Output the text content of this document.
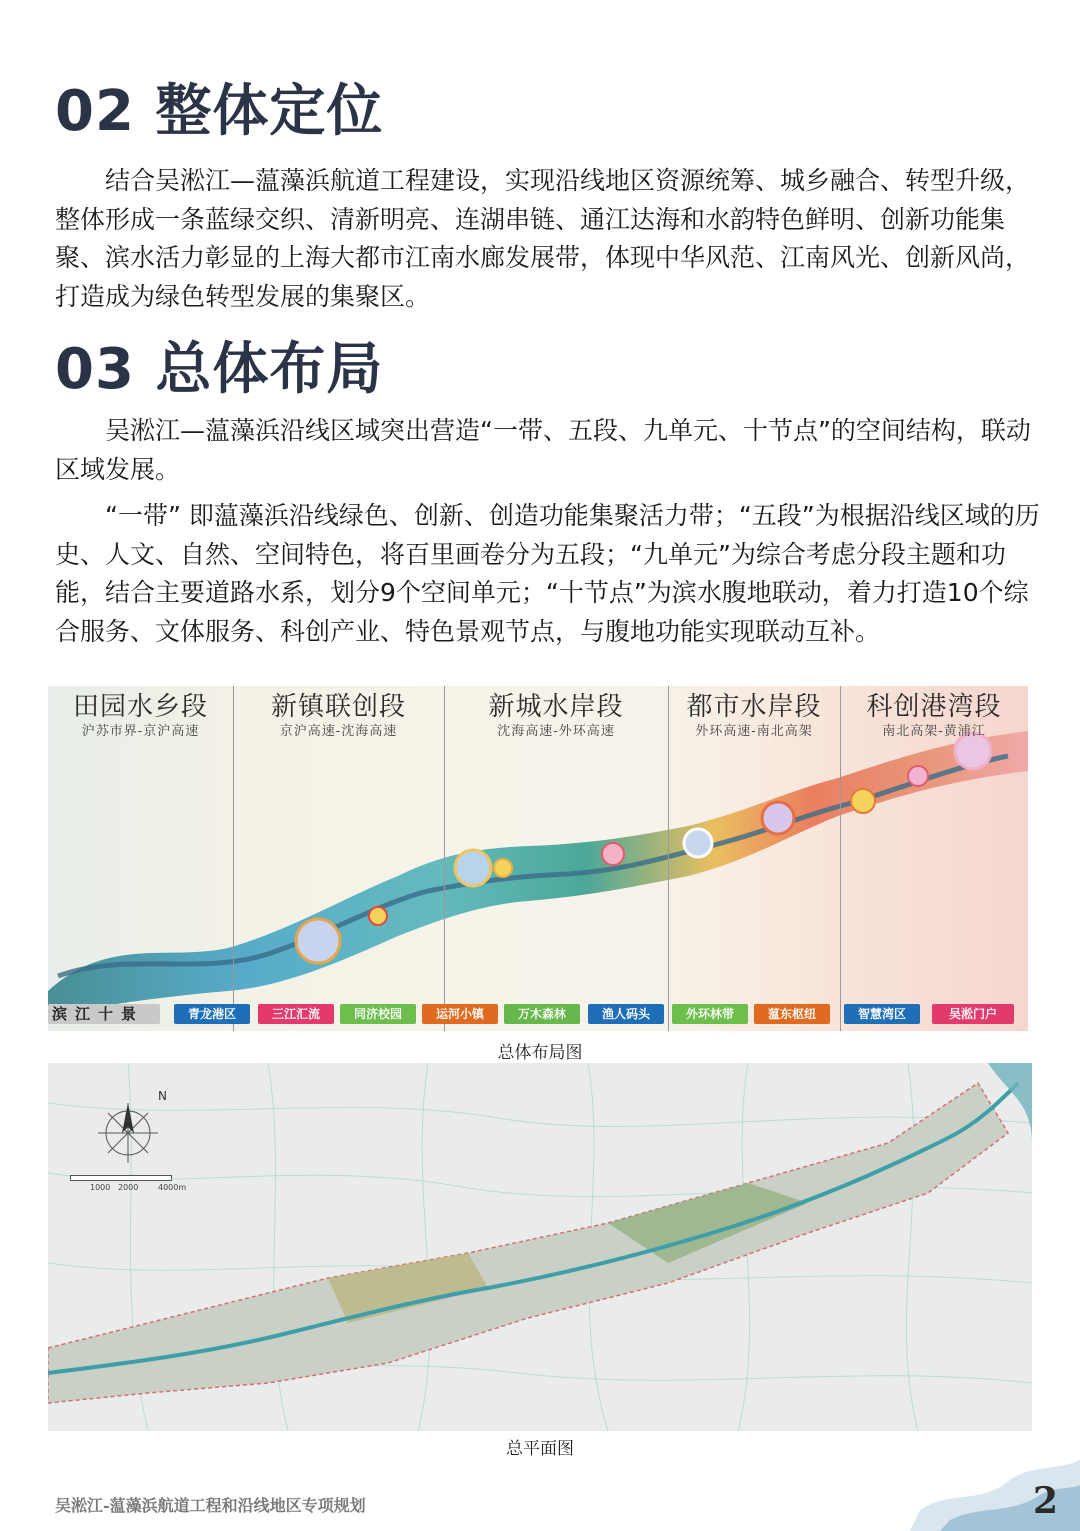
02 整体定位

结合吴淞江—蕰藻浜航道工程建设，实现沿线地区资源统筹、城乡融合、转型升级，整体形成一条蓝绿交织、清新明亮、连湖串链、通江达海和水韵特色鲜明、创新功能集聚、滨水活力彰显的上海大都市江南水廊发展带，体现中华风范、江南风光、创新风尚，打造成为绿色转型发展的集聚区。

03 总体布局

吴淞江—蕰藻浜沿线区域突出营造“一带、五段、九单元、十节点”的空间结构，联动区域发展。

“一带” 即蕰藻浜沿线绿色、创新、创造功能集聚活力带；“五段”为根据沿线区域的历史、人文、自然、空间特色，将百里画卷分为五段；“九单元”为综合考虑分段主题和功能，结合主要道路水系，划分9个空间单元；“十节点”为滨水腹地联动，着力打造10个综合服务、文体服务、科创产业、特色景观节点，与腹地功能实现联动互补。

田园水乡段
沪苏市界-京沪高速
新镇联创段
京沪高速-沈海高速
新城水岸段
沈海高速-外环高速
都市水岸段
外环高速-南北高架
科创港湾段
南北高架-黄浦江
滨江十景	青龙港区	三江汇流	同济校园	运河小镇	万木森林	渔人码头	外环林带	蕰东枢纽	智慧湾区	吴淞门户
总体布局图
N
1000 2000 4000m
总平面图
吴淞江-蕰藻浜航道工程和沿线地区专项规划	2
